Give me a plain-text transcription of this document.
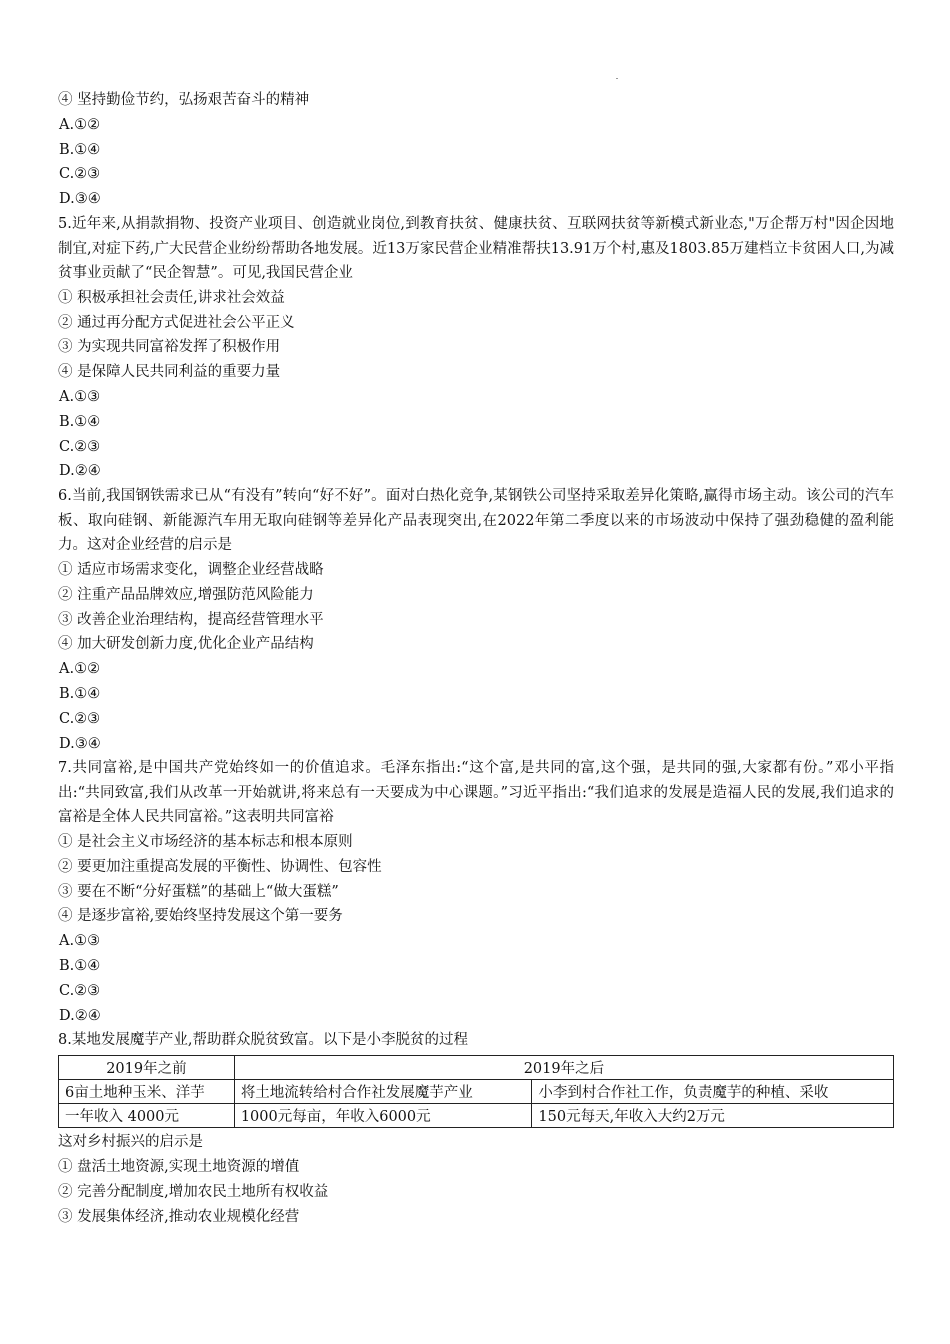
④ 坚持勤俭节约，弘扬艰苦奋斗的精神
A.①②
B.①④
C.②③
D.③④
5.近年来,从捐款捐物、投资产业项目、创造就业岗位,到教育扶贫、健康扶贫、互联网扶贫等新模式新业态,"万企帮万村"因企因地制宜,对症下药,广大民营企业纷纷帮助各地发展。近13万家民营企业精准帮扶13.91万个村,惠及1803.85万建档立卡贫困人口,为减贫事业贡献了“民企智慧”。可见,我国民营企业
① 积极承担社会责任,讲求社会效益
② 通过再分配方式促进社会公平正义
③ 为实现共同富裕发挥了积极作用
④ 是保障人民共同利益的重要力量
A.①③
B.①④
C.②③
D.②④
6.当前,我国钢铁需求已从“有没有”转向“好不好”。面对白热化竞争,某钢铁公司坚持采取差异化策略,赢得市场主动。该公司的汽车板、取向硅钢、新能源汽车用无取向硅钢等差异化产品表现突出,在2022年第二季度以来的市场波动中保持了强劲稳健的盈利能力。这对企业经营的启示是
① 适应市场需求变化，调整企业经营战略
② 注重产品品牌效应,增强防范风险能力
③ 改善企业治理结构，提高经营管理水平
④ 加大研发创新力度,优化企业产品结构
A.①②
B.①④
C.②③
D.③④
7.共同富裕,是中国共产党始终如一的价值追求。毛泽东指出:“这个富,是共同的富,这个强，是共同的强,大家都有份。”邓小平指出:“共同致富,我们从改革一开始就讲,将来总有一天要成为中心课题。”习近平指出:“我们追求的发展是造福人民的发展,我们追求的富裕是全体人民共同富裕。”这表明共同富裕
① 是社会主义市场经济的基本标志和根本原则
② 要更加注重提高发展的平衡性、协调性、包容性
③ 要在不断“分好蛋糕”的基础上“做大蛋糕”
④ 是逐步富裕,要始终坚持发展这个第一要务
A.①③
B.①④
C.②③
D.②④
8.某地发展魔芋产业,帮助群众脱贫致富。以下是小李脱贫的过程
2019年之前	2019年之后	
6亩土地种玉米、洋芋	将土地流转给村合作社发展魔芋产业	小李到村合作社工作，负责魔芋的种植、采收
一年收入 4000元	1000元每亩，年收入6000元	150元每天,年收入大约2万元
这对乡村振兴的启示是
① 盘活土地资源,实现土地资源的增值
② 完善分配制度,增加农民土地所有权收益
③ 发展集体经济,推动农业规模化经营
